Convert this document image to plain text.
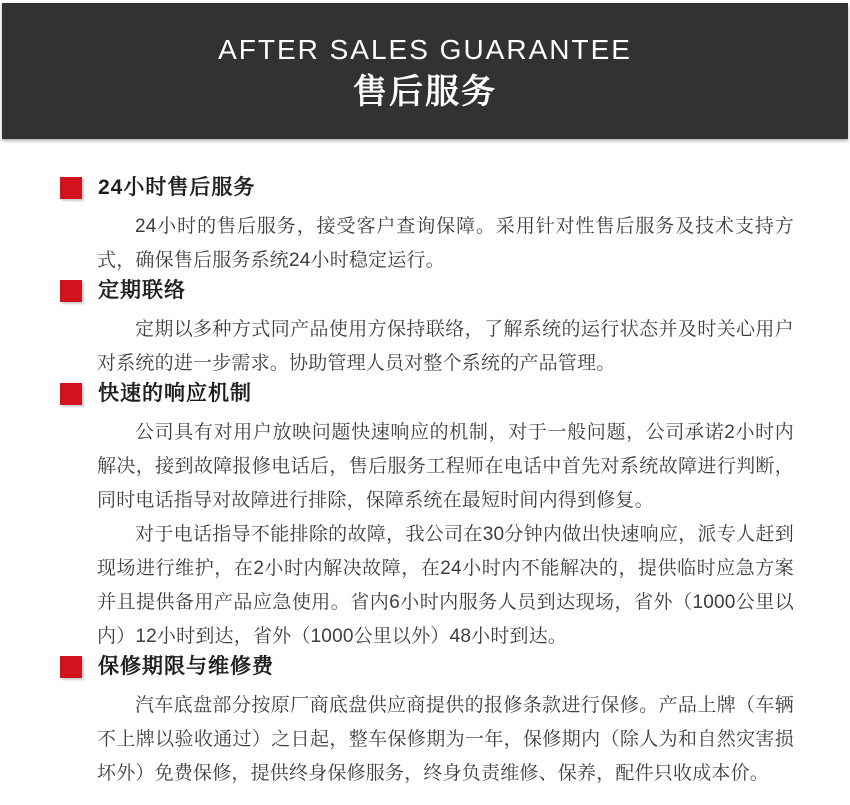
AFTER SALES GUARANTEE
售后服务
24小时售后服务

24小时的售后服务，接受客户查询保障。采用针对性售后服务及技术支持方式，确保售后服务系统24小时稳定运行。

定期联络

定期以多种方式同产品使用方保持联络，了解系统的运行状态并及时关心用户对系统的进一步需求。协助管理人员对整个系统的产品管理。

快速的响应机制

公司具有对用户放映问题快速响应的机制，对于一般问题，公司承诺2小时内解决，接到故障报修电话后，售后服务工程师在电话中首先对系统故障进行判断，同时电话指导对故障进行排除，保障系统在最短时间内得到修复。

对于电话指导不能排除的故障，我公司在30分钟内做出快速响应，派专人赶到现场进行维护，在2小时内解决故障，在24小时内不能解决的，提供临时应急方案并且提供备用产品应急使用。省内6小时内服务人员到达现场，省外（1000公里以内）12小时到达，省外（1000公里以外）48小时到达。

保修期限与维修费

汽车底盘部分按原厂商底盘供应商提供的报修条款进行保修。产品上牌（车辆不上牌以验收通过）之日起，整车保修期为一年，保修期内（除人为和自然灾害损坏外）免费保修，提供终身保修服务，终身负责维修、保养，配件只收成本价。
